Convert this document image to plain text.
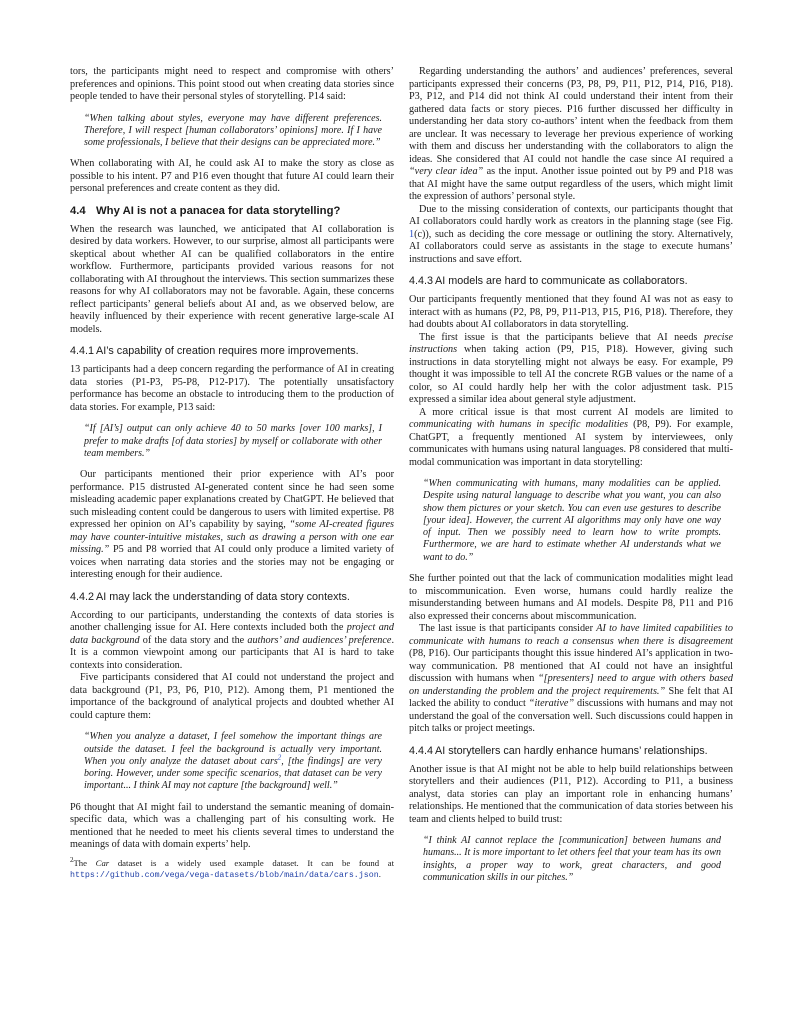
tors, the participants might need to respect and compromise with others’ preferences and opinions. This point stood out when creating data stories since people tended to have their personal styles of storytelling. P14 said:

“When talking about styles, everyone may have different preferences. Therefore, I will respect [human collaborators’ opinions] more. If I have some professionals, I believe that their designs can be appreciated more.”

When collaborating with AI, he could ask AI to make the story as close as possible to his intent. P7 and P16 even thought that future AI could learn their personal preferences and create content as they did.

4.4 Why AI is not a panacea for data storytelling?

When the research was launched, we anticipated that AI collaboration is desired by data workers. However, to our surprise, almost all participants were skeptical about whether AI can be qualified collaborators in the entire workflow. Furthermore, participants provided various reasons for not collaborating with AI throughout the interviews. This section summarizes these reasons for why AI collaborators may not be favorable. Again, these concerns reflect participants’ general beliefs about AI and, as we observed below, are heavily influenced by their experience with recent generative large-scale AI models.

4.4.1 AI’s capability of creation requires more improvements.

13 participants had a deep concern regarding the performance of AI in creating data stories (P1-P3, P5-P8, P12-P17). The potentially unsatisfactory performance has become an obstacle to introducing them to the production of data stories. For example, P13 said:

“If [AI’s] output can only achieve 40 to 50 marks [over 100 marks], I prefer to make drafts [of data stories] by myself or collaborate with other team members.”

Our participants mentioned their prior experience with AI’s poor performance. P15 distrusted AI-generated content since he had seen some misleading academic paper explanations created by ChatGPT. He believed that such misleading content could be dangerous to users with limited expertise. P8 expressed her opinion on AI’s capability by saying, “some AI-created figures may have counter-intuitive mistakes, such as drawing a person with one ear missing.” P5 and P8 worried that AI could only produce a limited variety of voices when narrating data stories and the stories may not be engaging or interesting enough for their audience.

4.4.2 AI may lack the understanding of data story contexts.

According to our participants, understanding the contexts of data stories is another challenging issue for AI. Here contexts included both the project and data background of the data story and the authors’ and audiences’ preference. It is a common viewpoint among our participants that AI is hard to take contexts into consideration.

Five participants considered that AI could not understand the project and data background (P1, P3, P6, P10, P12). Among them, P1 mentioned the importance of the background of analytical projects and doubted whether AI could capture them:

“When you analyze a dataset, I feel somehow the important things are outside the dataset. I feel the background is actually very important. When you only analyze the dataset about cars$^2$, [the findings] are very boring. However, under some specific scenarios, that dataset can be very important... I think AI may not capture [the background] well.”

P6 thought that AI might fail to understand the semantic meaning of domain-specific data, which was a challenging part of his consulting work. He mentioned that he needed to meet his clients several times to understand the meanings of data with domain experts’ help.

$^2$The Car dataset is a widely used example dataset. It can be found at https://github.com/vega/vega-datasets/blob/main/data/cars.json.

Regarding understanding the authors’ and audiences’ preferences, several participants expressed their concerns (P3, P8, P9, P11, P12, P14, P16, P18). P3, P12, and P14 did not think AI could understand their intent from their gathered data facts or story pieces. P16 further discussed her difficulty in understanding her data story co-authors’ intent when the feedback from them are unclear. It was necessary to leverage her previous experience of working with them and discuss her understanding with the collaborators to align the ideas. She considered that AI could not handle the case since AI required a “very clear idea” as the input. Another issue pointed out by P9 and P18 was that AI might have the same output regardless of the users, which might limit the expression of authors’ personal style.

Due to the missing consideration of contexts, our participants thought that AI collaborators could hardly work as creators in the planning stage (see Fig. 1(c)), such as deciding the core message or outlining the story. Alternatively, AI collaborators could serve as assistants in the stage to execute humans’ instructions and save effort.

4.4.3 AI models are hard to communicate as collaborators.

Our participants frequently mentioned that they found AI was not as easy to interact with as humans (P2, P8, P9, P11-P13, P15, P16, P18). Therefore, they had doubts about AI collaborators in data storytelling.

The first issue is that the participants believe that AI needs precise instructions when taking action (P9, P15, P18). However, giving such instructions in data storytelling might not always be easy. For example, P9 thought it was impossible to tell AI the concrete RGB values or the name of a color, so AI could hardly help her with the color adjustment task. P15 expressed a similar idea about general style adjustment.

A more critical issue is that most current AI models are limited to communicating with humans in specific modalities (P8, P9). For example, ChatGPT, a frequently mentioned AI system by interviewees, only communicates with humans using natural languages. P8 considered that multi-modal communication was important in data storytelling:

“When communicating with humans, many modalities can be applied. Despite using natural language to describe what you want, you can also show them pictures or your sketch. You can even use gestures to describe [your idea]. However, the current AI algorithms may only have one way of input. Then we possibly need to learn how to write prompts. Furthermore, we are hard to estimate whether AI understands what we want to do.”

She further pointed out that the lack of communication modalities might lead to miscommunication. Even worse, humans could hardly realize the misunderstanding between humans and AI models. Despite P8, P11 and P16 also expressed their concerns about miscommunication.

The last issue is that participants consider AI to have limited capabilities to communicate with humans to reach a consensus when there is disagreement (P8, P16). Our participants thought this issue hindered AI’s application in two-way communication. P8 mentioned that AI could not have an insightful discussion with humans when “[presenters] need to argue with others based on understanding the problem and the project requirements.” She felt that AI lacked the ability to conduct “iterative” discussions with humans and may not understand the goal of the conversation well. Such discussions could happen in pitch talks or project meetings.

4.4.4 AI storytellers can hardly enhance humans’ relationships.

Another issue is that AI might not be able to help build relationships between storytellers and their audiences (P11, P12). According to P11, a business analyst, data stories can play an important role in enhancing humans’ relationships. He mentioned that the communication of data stories between his team and clients helped to build trust:

“I think AI cannot replace the [communication] between humans and humans... It is more important to let others feel that your team has its own insights, a proper way to work, great characters, and good communication skills in our pitches.”
